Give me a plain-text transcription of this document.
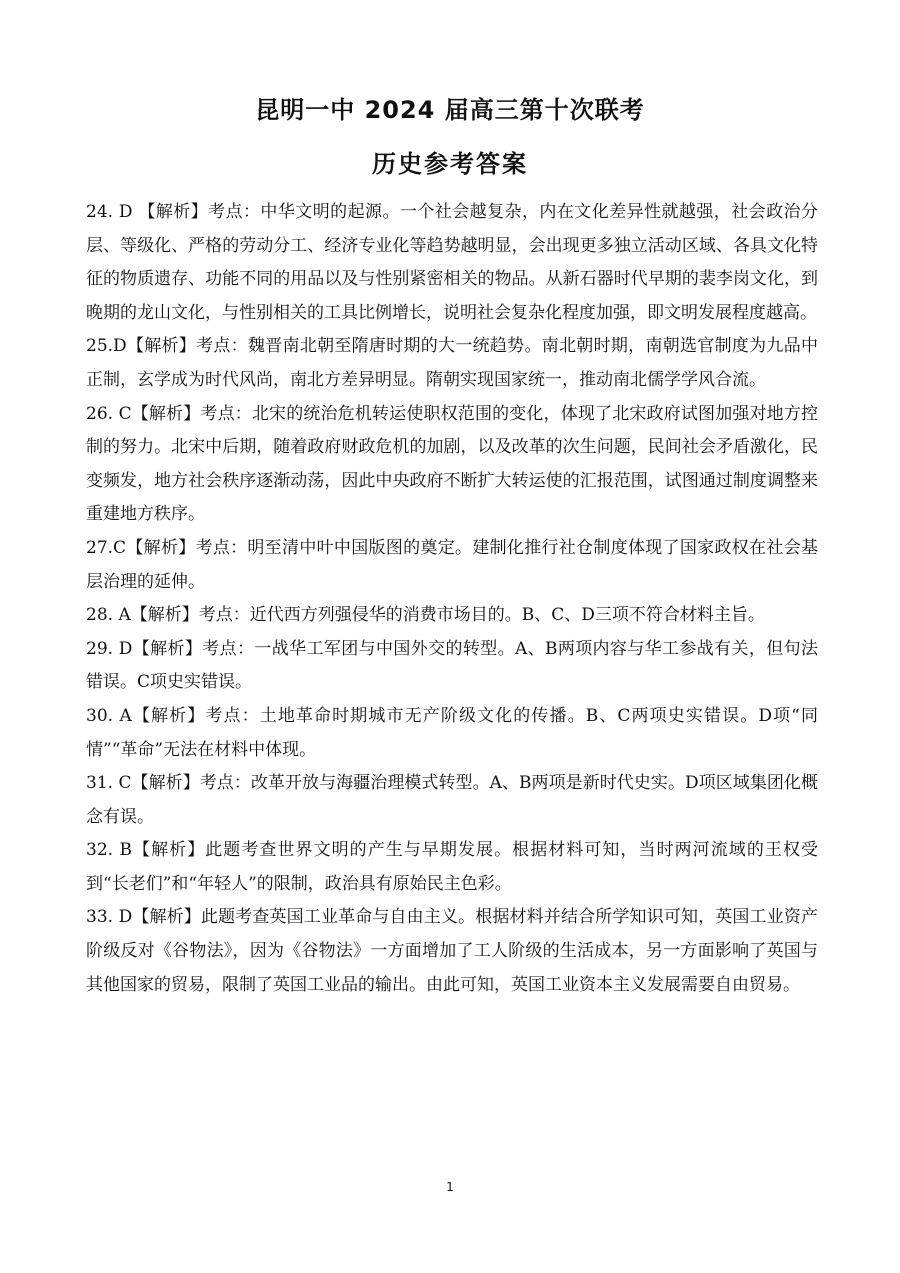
昆明一中 2024 届高三第十次联考
历史参考答案

24. D 【解析】考点：中华文明的起源。一个社会越复杂，内在文化差异性就越强，社会政治分层、等级化、严格的劳动分工、经济专业化等趋势越明显，会出现更多独立活动区域、各具文化特征的物质遗存、功能不同的用品以及与性别紧密相关的物品。从新石器时代早期的裴李岗文化，到晚期的龙山文化，与性别相关的工具比例增长，说明社会复杂化程度加强，即文明发展程度越高。

25.D【解析】考点：魏晋南北朝至隋唐时期的大一统趋势。南北朝时期，南朝选官制度为九品中正制，玄学成为时代风尚，南北方差异明显。隋朝实现国家统一，推动南北儒学学风合流。

26. C【解析】考点：北宋的统治危机转运使职权范围的变化，体现了北宋政府试图加强对地方控制的努力。北宋中后期，随着政府财政危机的加剧，以及改革的次生问题，民间社会矛盾激化，民变频发，地方社会秩序逐渐动荡，因此中央政府不断扩大转运使的汇报范围，试图通过制度调整来重建地方秩序。

27.C【解析】考点：明至清中叶中国版图的奠定。建制化推行社仓制度体现了国家政权在社会基层治理的延伸。

28. A【解析】考点：近代西方列强侵华的消费市场目的。B、C、D三项不符合材料主旨。

29. D【解析】考点：一战华工军团与中国外交的转型。A、B两项内容与华工参战有关，但句法错误。C项史实错误。

30. A【解析】考点：土地革命时期城市无产阶级文化的传播。B、C两项史实错误。D项“同情”“革命”无法在材料中体现。

31. C【解析】考点：改革开放与海疆治理模式转型。A、B两项是新时代史实。D项区域集团化概念有误。

32. B【解析】此题考查世界文明的产生与早期发展。根据材料可知，当时两河流域的王权受到“长老们”和“年轻人”的限制，政治具有原始民主色彩。

33. D【解析】此题考查英国工业革命与自由主义。根据材料并结合所学知识可知，英国工业资产阶级反对《谷物法》，因为《谷物法》一方面增加了工人阶级的生活成本，另一方面影响了英国与其他国家的贸易，限制了英国工业品的输出。由此可知，英国工业资本主义发展需要自由贸易。

1
